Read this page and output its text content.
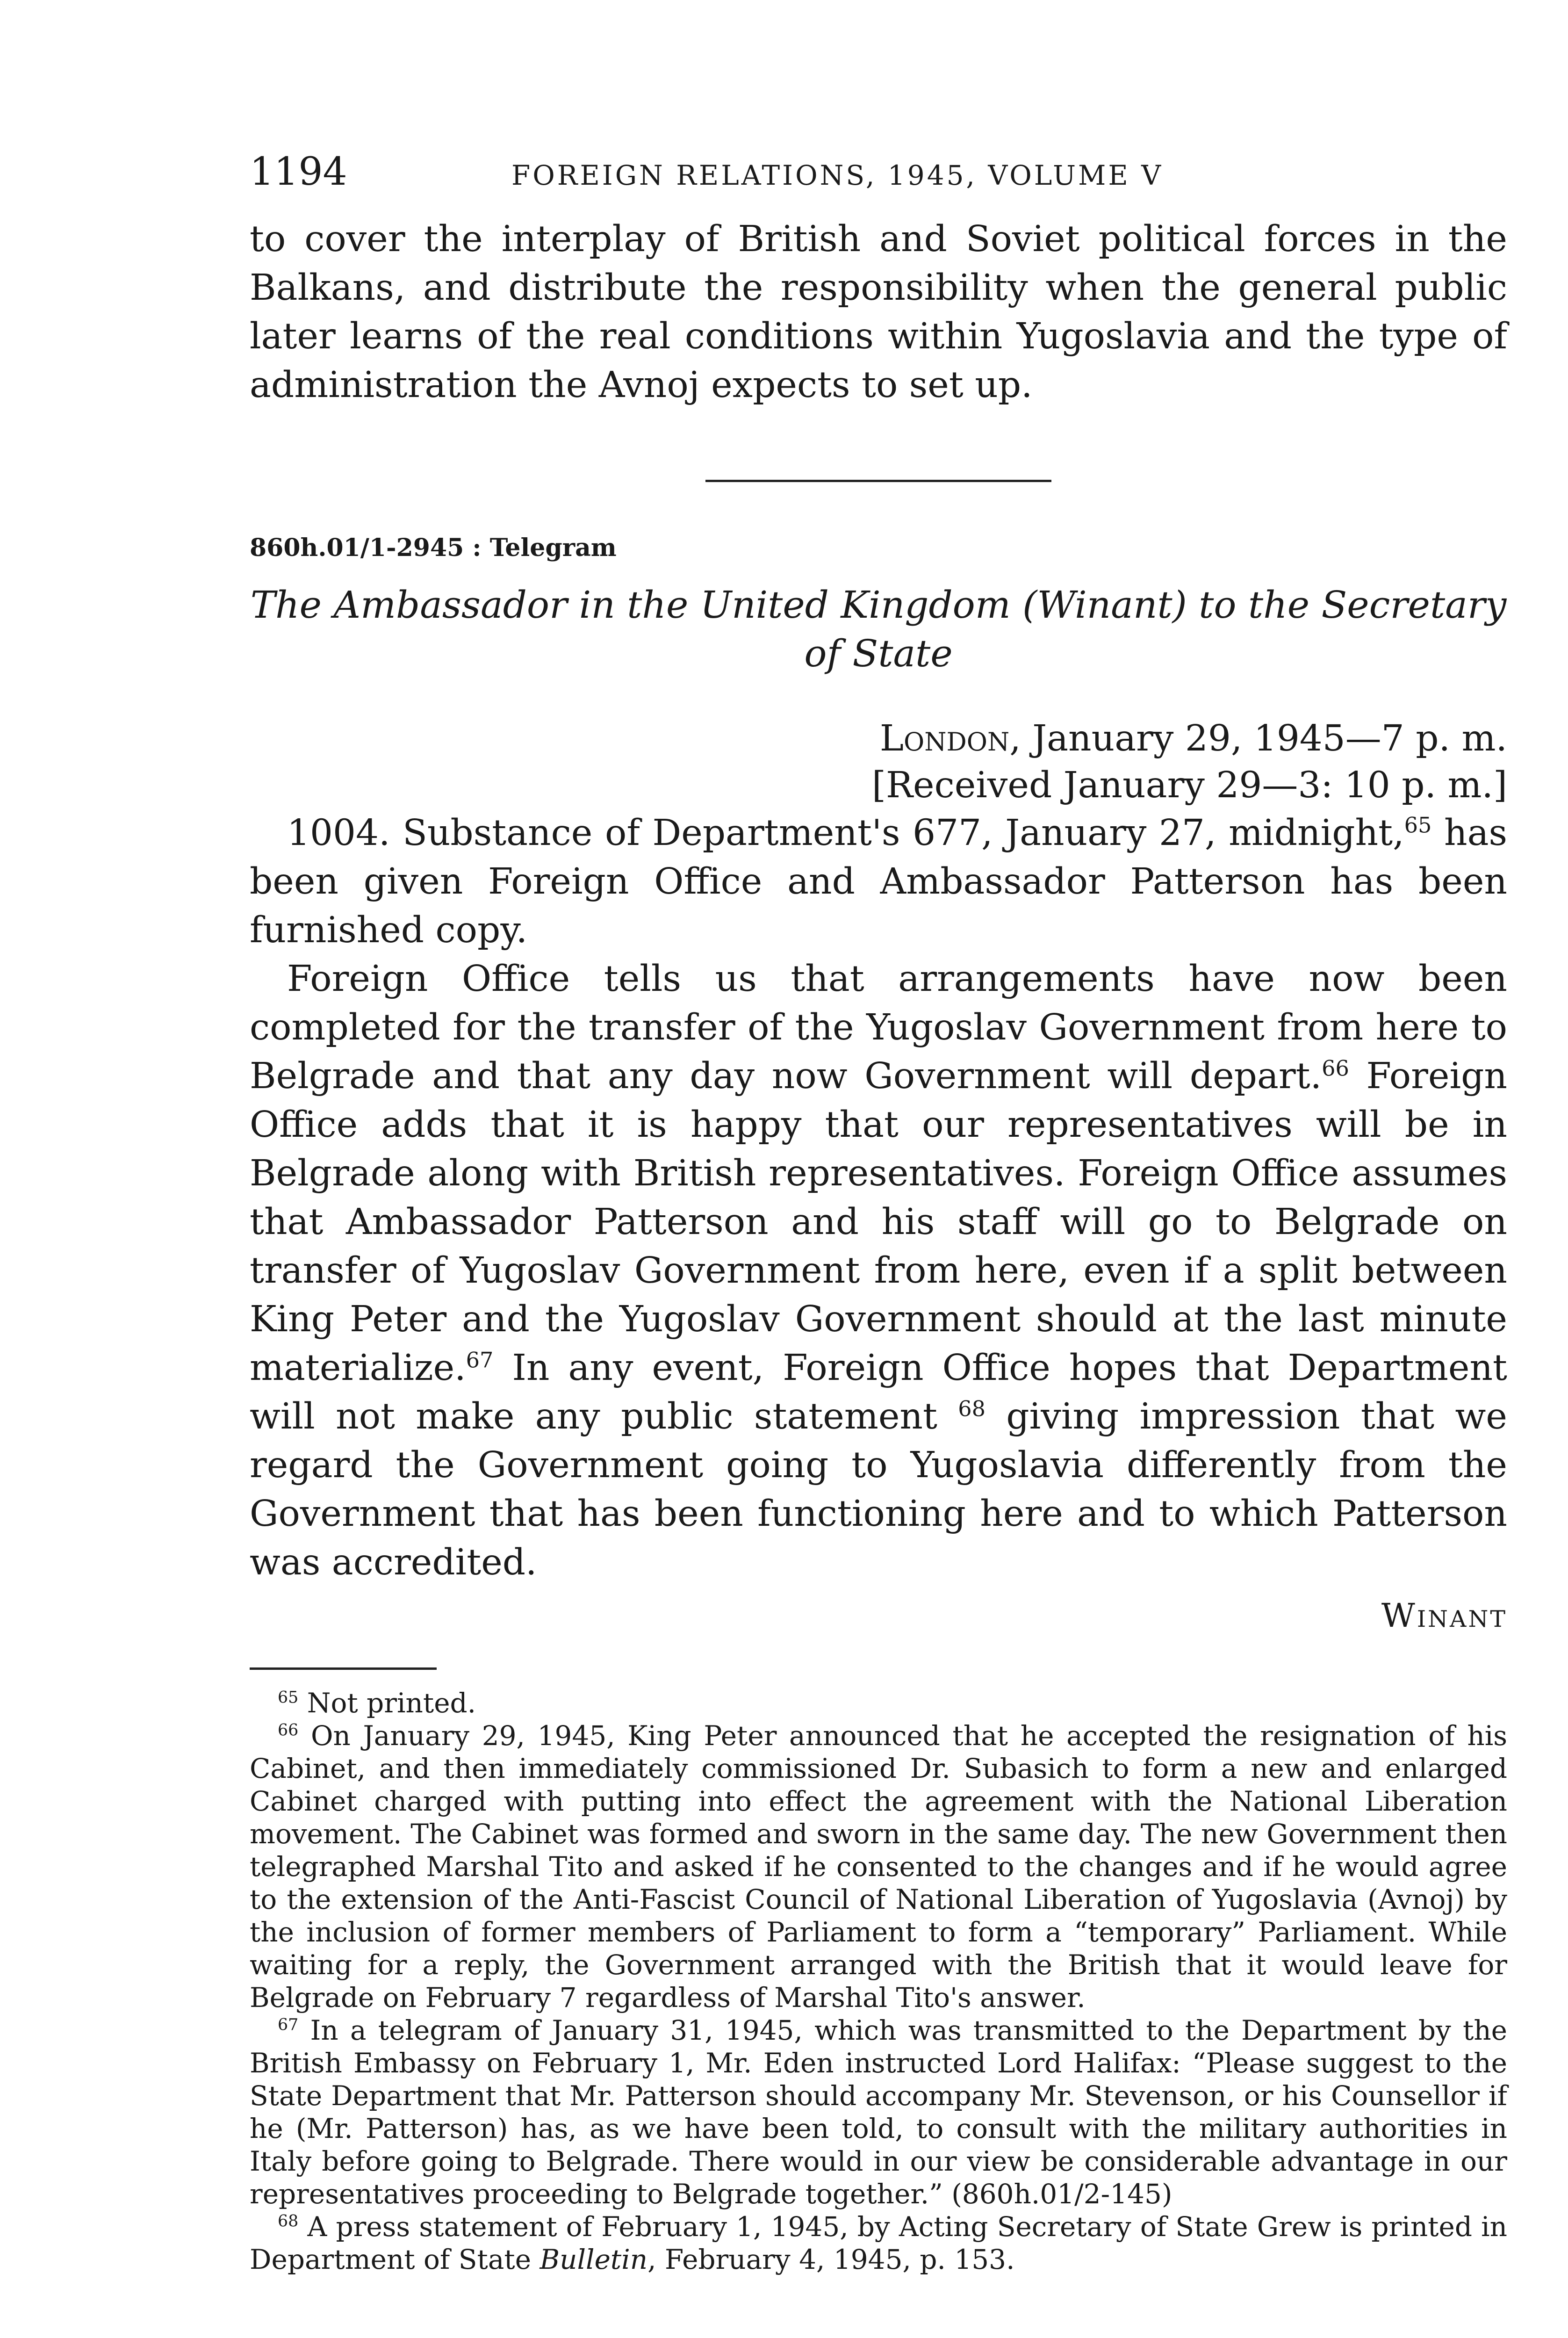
1194	FOREIGN RELATIONS, 1945, VOLUME V

to cover the interplay of British and Soviet political forces in the Balkans, and distribute the responsibility when the general public later learns of the real conditions within Yugoslavia and the type of administration the Avnoj expects to set up.

860h.01/1-2945 : Telegram

The Ambassador in the United Kingdom (Winant) to the Secretary of State

London, January 29, 1945—7 p. m.

[Received January 29—3: 10 p. m.]

1004. Substance of Department's 677, January 27, midnight,$^{65}$ has been given Foreign Office and Ambassador Patterson has been furnished copy.

Foreign Office tells us that arrangements have now been completed for the transfer of the Yugoslav Government from here to Belgrade and that any day now Government will depart.$^{66}$ Foreign Office adds that it is happy that our representatives will be in Belgrade along with British representatives. Foreign Office assumes that Ambassador Patterson and his staff will go to Belgrade on transfer of Yugoslav Government from here, even if a split between King Peter and the Yugoslav Government should at the last minute materialize.$^{67}$ In any event, Foreign Office hopes that Department will not make any public statement $^{68}$ giving impression that we regard the Government going to Yugoslavia differently from the Government that has been functioning here and to which Patterson was accredited.

Winant

$^{65}$ Not printed.

$^{66}$ On January 29, 1945, King Peter announced that he accepted the resignation of his Cabinet, and then immediately commissioned Dr. Subasich to form a new and enlarged Cabinet charged with putting into effect the agreement with the National Liberation movement. The Cabinet was formed and sworn in the same day. The new Government then telegraphed Marshal Tito and asked if he consented to the changes and if he would agree to the extension of the Anti-Fascist Council of National Liberation of Yugoslavia (Avnoj) by the inclusion of former members of Parliament to form a “temporary” Parliament. While waiting for a reply, the Government arranged with the British that it would leave for Belgrade on February 7 regardless of Marshal Tito's answer.

$^{67}$ In a telegram of January 31, 1945, which was transmitted to the Department by the British Embassy on February 1, Mr. Eden instructed Lord Halifax: “Please suggest to the State Department that Mr. Patterson should accompany Mr. Stevenson, or his Counsellor if he (Mr. Patterson) has, as we have been told, to consult with the military authorities in Italy before going to Belgrade. There would in our view be considerable advantage in our representatives proceeding to Belgrade together.” (860h.01/2-145)

$^{68}$ A press statement of February 1, 1945, by Acting Secretary of State Grew is printed in Department of State Bulletin, February 4, 1945, p. 153.
